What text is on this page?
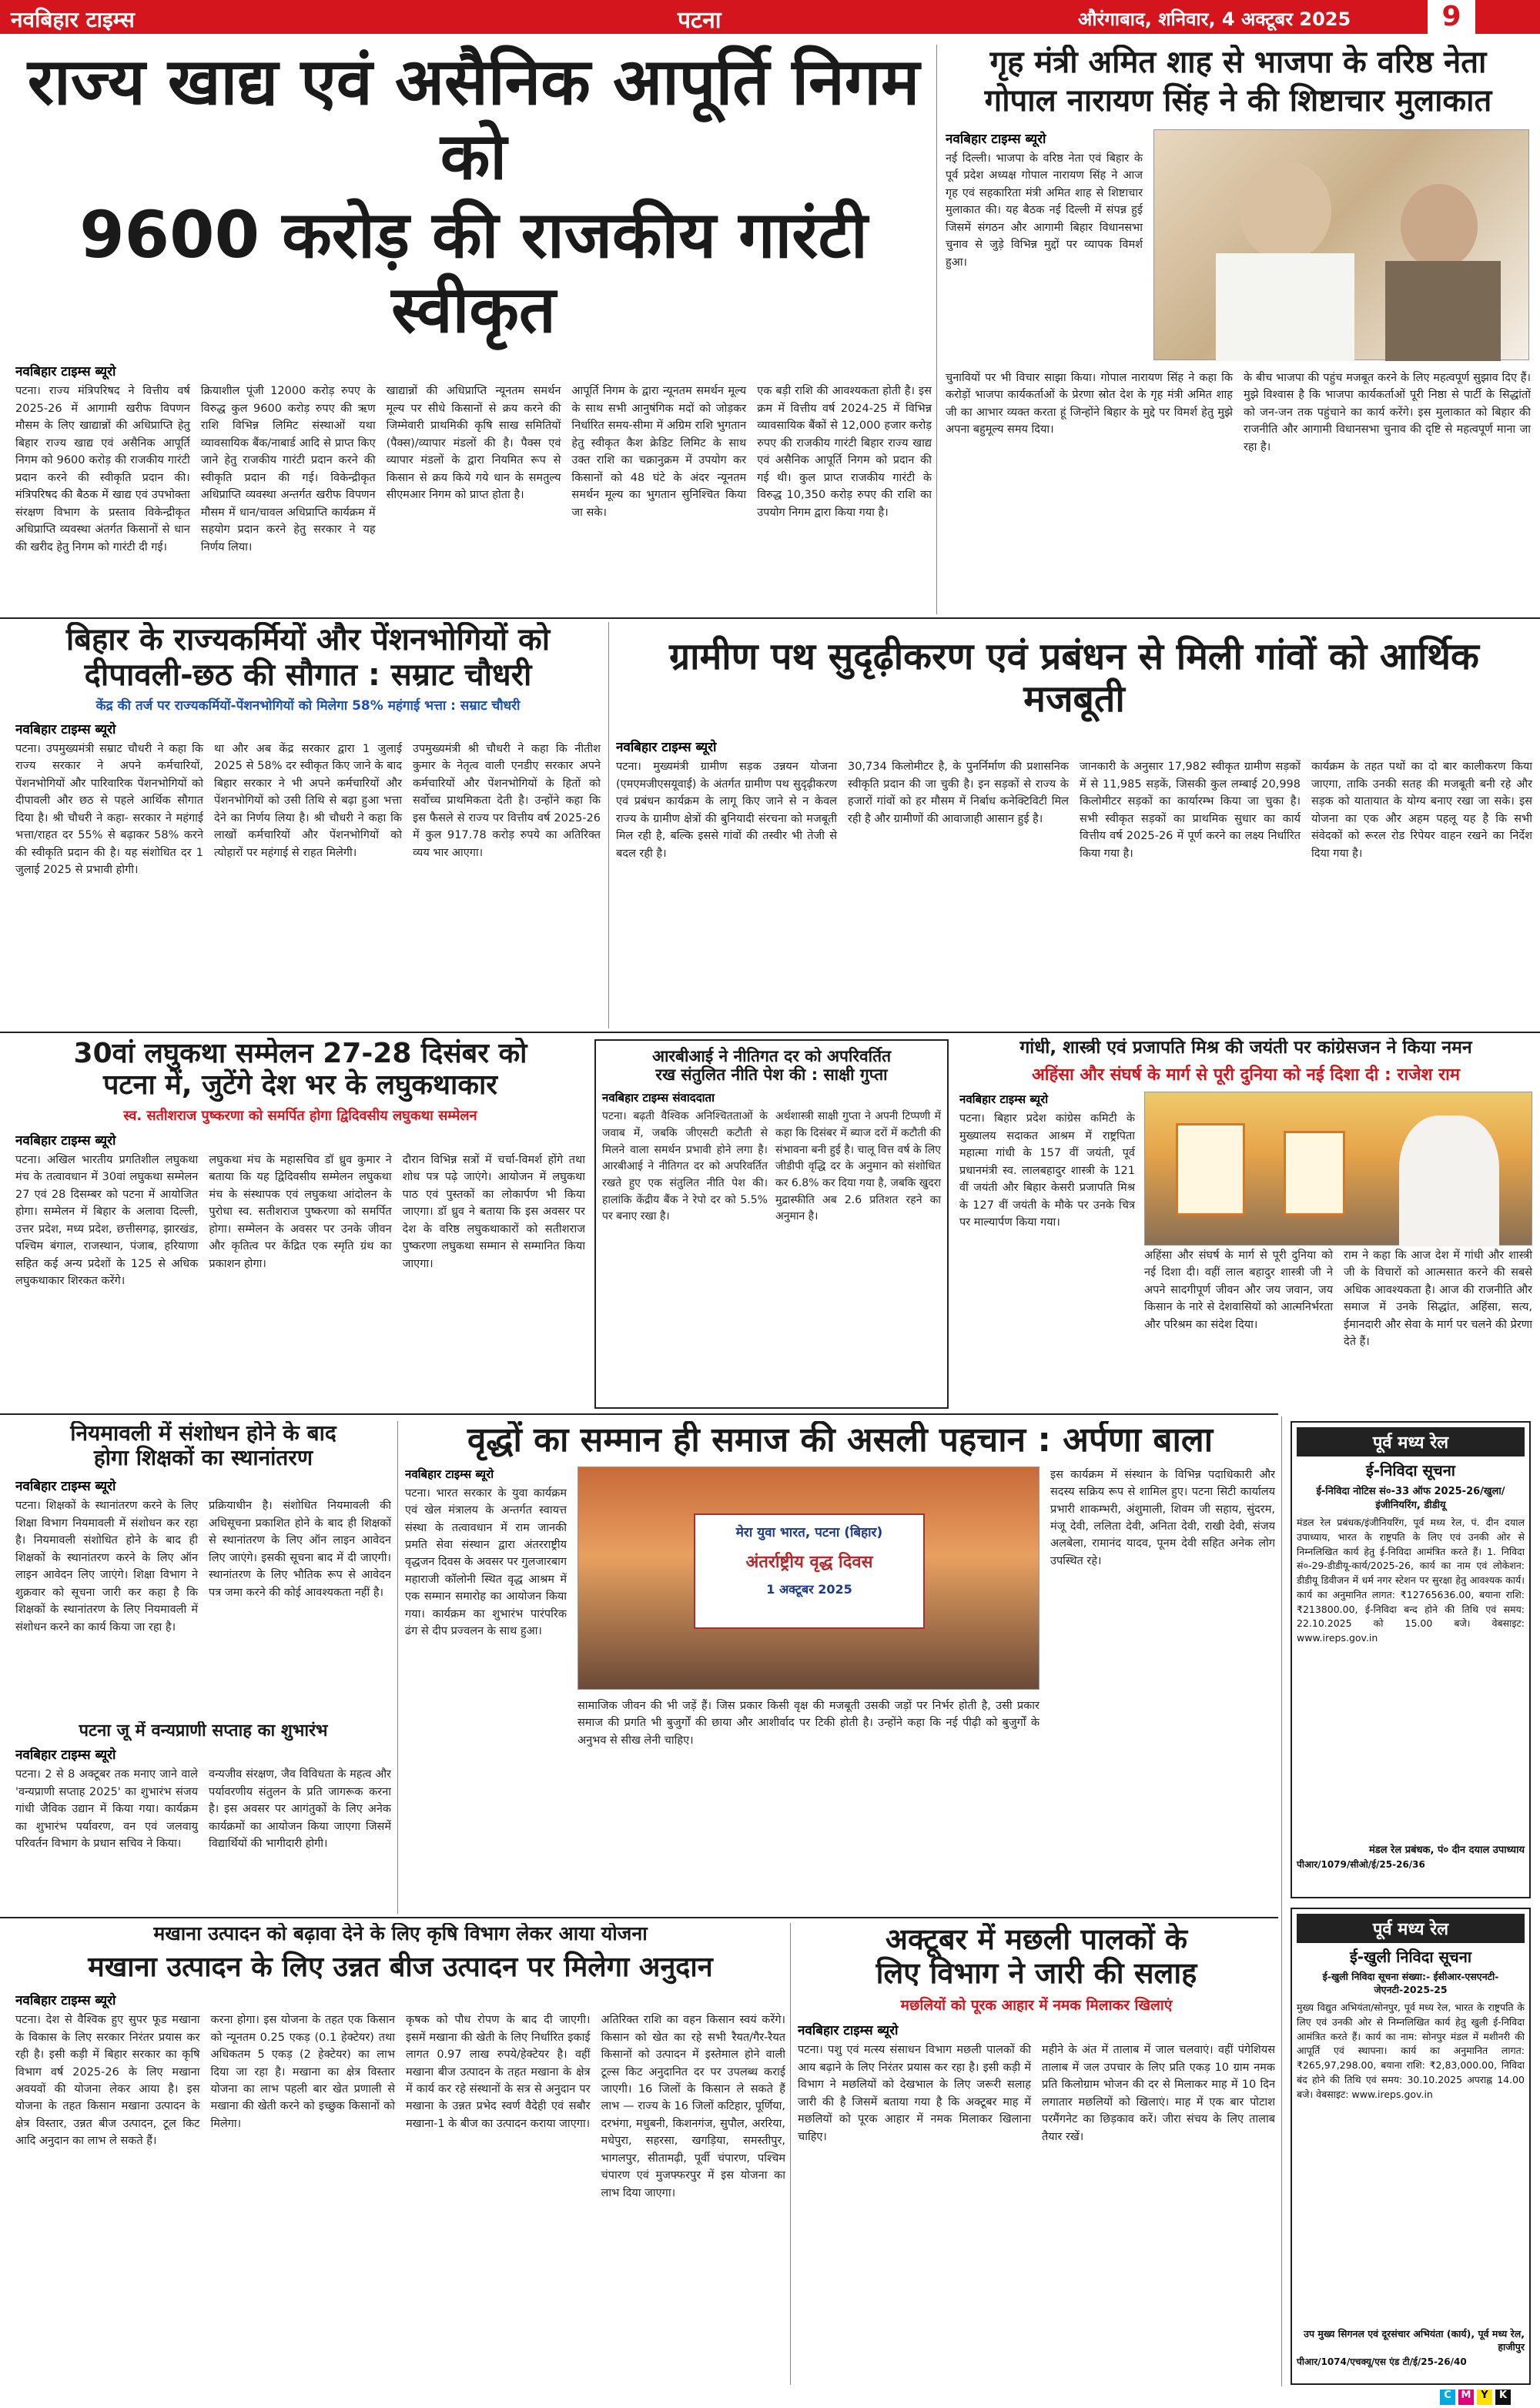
नवबिहार टाइम्स	पटना	औरंगाबाद, शनिवार, 4 अक्टूबर 2025	9
राज्य खाद्य एवं असैनिक आपूर्ति निगम को
9600 करोड़ की राजकीय गारंटी स्वीकृत
नवबिहार टाइम्स ब्यूरो
पटना। राज्य मंत्रिपरिषद ने वित्तीय वर्ष 2025-26 में आगामी खरीफ विपणन मौसम के लिए खाद्यान्नों की अधिप्राप्ति हेतु बिहार राज्य खाद्य एवं असैनिक आपूर्ति निगम को 9600 करोड़ की राजकीय गारंटी प्रदान करने की स्वीकृति प्रदान की। मंत्रिपरिषद की बैठक में खाद्य एवं उपभोक्ता संरक्षण विभाग के प्रस्ताव विकेन्द्रीकृत अधिप्राप्ति व्यवस्था अंतर्गत किसानों से धान की खरीद हेतु निगम को गारंटी दी गई।
क्रियाशील पूंजी 12000 करोड़ रुपए के विरुद्ध कुल 9600 करोड़ रुपए की ऋण राशि विभिन्न लिमिट संस्थाओं यथा व्यावसायिक बैंक/नाबार्ड आदि से प्राप्त किए जाने हेतु राजकीय गारंटी प्रदान करने की स्वीकृति प्रदान की गई। विकेन्द्रीकृत अधिप्राप्ति व्यवस्था अन्तर्गत खरीफ विपणन मौसम में धान/चावल अधिप्राप्ति कार्यक्रम में सहयोग प्रदान करने हेतु सरकार ने यह निर्णय लिया।
खाद्यान्नों की अधिप्राप्ति न्यूनतम समर्थन मूल्य पर सीधे किसानों से क्रय करने की जिम्मेवारी प्राथमिकी कृषि साख समितियों (पैक्स)/व्यापार मंडलों की है। पैक्स एवं व्यापार मंडलों के द्वारा नियमित रूप से किसान से क्रय किये गये धान के समतुल्य सीएमआर निगम को प्राप्त होता है।
आपूर्ति निगम के द्वारा न्यूनतम समर्थन मूल्य के साथ सभी आनुषंगिक मदों को जोड़कर निर्धारित समय-सीमा में अग्रिम राशि भुगतान हेतु स्वीकृत कैश क्रेडिट लिमिट के साथ उक्त राशि का चक्रानुक्रम में उपयोग कर किसानों को 48 घंटे के अंदर न्यूनतम समर्थन मूल्य का भुगतान सुनिश्चित किया जा सके।
एक बड़ी राशि की आवश्यकता होती है। इस क्रम में वित्तीय वर्ष 2024-25 में विभिन्न व्यावसायिक बैंकों से 12,000 हजार करोड़ रुपए की राजकीय गारंटी बिहार राज्य खाद्य एवं असैनिक आपूर्ति निगम को प्रदान की गई थी। कुल प्राप्त राजकीय गारंटी के विरुद्ध 10,350 करोड़ रुपए की राशि का उपयोग निगम द्वारा किया गया है।
गृह मंत्री अमित शाह से भाजपा के वरिष्ठ नेता
गोपाल नारायण सिंह ने की शिष्टाचार मुलाकात
नवबिहार टाइम्स ब्यूरो
नई दिल्ली। भाजपा के वरिष्ठ नेता एवं बिहार के पूर्व प्रदेश अध्यक्ष गोपाल नारायण सिंह ने आज गृह एवं सहकारिता मंत्री अमित शाह से शिष्टाचार मुलाकात की। यह बैठक नई दिल्ली में संपन्न हुई जिसमें संगठन और आगामी बिहार विधानसभा चुनाव से जुड़े विभिन्न मुद्दों पर व्यापक विमर्श हुआ।
चुनावियों पर भी विचार साझा किया। गोपाल नारायण सिंह ने कहा कि करोड़ों भाजपा कार्यकर्ताओं के प्रेरणा स्रोत देश के गृह मंत्री अमित शाह जी का आभार व्यक्त करता हूं जिन्होंने बिहार के मुद्दे पर विमर्श हेतु मुझे अपना बहुमूल्य समय दिया।
के बीच भाजपा की पहुंच मजबूत करने के लिए महत्वपूर्ण सुझाव दिए हैं। मुझे विश्वास है कि भाजपा कार्यकर्ताओं पूरी निष्ठा से पार्टी के सिद्धांतों को जन-जन तक पहुंचाने का कार्य करेंगे। इस मुलाकात को बिहार की राजनीति और आगामी विधानसभा चुनाव की दृष्टि से महत्वपूर्ण माना जा रहा है।
बिहार के राज्यकर्मियों और पेंशनभोगियों को
दीपावली-छठ की सौगात : सम्राट चौधरी
केंद्र की तर्ज पर राज्यकर्मियों-पेंशनभोगियों को मिलेगा 58% महंगाई भत्ता : सम्राट चौधरी
नवबिहार टाइम्स ब्यूरो
पटना। उपमुख्यमंत्री सम्राट चौधरी ने कहा कि राज्य सरकार ने अपने कर्मचारियों, पेंशनभोगियों और पारिवारिक पेंशनभोगियों को दीपावली और छठ से पहले आर्थिक सौगात दिया है। श्री चौधरी ने कहा- सरकार ने महंगाई भत्ता/राहत दर 55% से बढ़ाकर 58% करने की स्वीकृति प्रदान की है। यह संशोधित दर 1 जुलाई 2025 से प्रभावी होगी।
था और अब केंद्र सरकार द्वारा 1 जुलाई 2025 से 58% दर स्वीकृत किए जाने के बाद बिहार सरकार ने भी अपने कर्मचारियों और पेंशनभोगियों को उसी तिथि से बढ़ा हुआ भत्ता देने का निर्णय लिया है। श्री चौधरी ने कहा कि लाखों कर्मचारियों और पेंशनभोगियों को त्योहारों पर महंगाई से राहत मिलेगी।
उपमुख्यमंत्री श्री चौधरी ने कहा कि नीतीश कुमार के नेतृत्व वाली एनडीए सरकार अपने कर्मचारियों और पेंशनभोगियों के हितों को सर्वोच्च प्राथमिकता देती है। उन्होंने कहा कि इस फैसले से राज्य पर वित्तीय वर्ष 2025-26 में कुल 917.78 करोड़ रुपये का अतिरिक्त व्यय भार आएगा।
ग्रामीण पथ सुदृढ़ीकरण एवं प्रबंधन से मिली गांवों को आर्थिक मजबूती
नवबिहार टाइम्स ब्यूरो
पटना। मुख्यमंत्री ग्रामीण सड़क उन्नयन योजना (एमएमजीएसयूवाई) के अंतर्गत ग्रामीण पथ सुदृढ़ीकरण एवं प्रबंधन कार्यक्रम के लागू किए जाने से न केवल राज्य के ग्रामीण क्षेत्रों की बुनियादी संरचना को मजबूती मिल रही है, बल्कि इससे गांवों की तस्वीर भी तेजी से बदल रही है।
30,734 किलोमीटर है, के पुनर्निर्माण की प्रशासनिक स्वीकृति प्रदान की जा चुकी है। इन सड़कों से राज्य के हजारों गांवों को हर मौसम में निर्बाध कनेक्टिविटी मिल रही है और ग्रामीणों की आवाजाही आसान हुई है।
जानकारी के अनुसार 17,982 स्वीकृत ग्रामीण सड़कों में से 11,985 सड़कें, जिसकी कुल लम्बाई 20,998 किलोमीटर सड़कों का कार्यारम्भ किया जा चुका है। सभी स्वीकृत सड़कों का प्राथमिक सुधार का कार्य वित्तीय वर्ष 2025-26 में पूर्ण करने का लक्ष्य निर्धारित किया गया है।
कार्यक्रम के तहत पथों का दो बार कालीकरण किया जाएगा, ताकि उनकी सतह की मजबूती बनी रहे और सड़क को यातायात के योग्य बनाए रखा जा सके। इस योजना का एक और अहम पहलू यह है कि सभी संवेदकों को रूरल रोड रिपेयर वाहन रखने का निर्देश दिया गया है।
30वां लघुकथा सम्मेलन 27-28 दिसंबर को
पटना में, जुटेंगे देश भर के लघुकथाकार
स्व. सतीशराज पुष्करणा को समर्पित होगा द्विदिवसीय लघुकथा सम्मेलन
नवबिहार टाइम्स ब्यूरो
पटना। अखिल भारतीय प्रगतिशील लघुकथा मंच के तत्वावधान में 30वां लघुकथा सम्मेलन 27 एवं 28 दिसम्बर को पटना में आयोजित होगा। सम्मेलन में बिहार के अलावा दिल्ली, उत्तर प्रदेश, मध्य प्रदेश, छत्तीसगढ़, झारखंड, पश्चिम बंगाल, राजस्थान, पंजाब, हरियाणा सहित कई अन्य प्रदेशों के 125 से अधिक लघुकथाकार शिरकत करेंगे।
लघुकथा मंच के महासचिव डॉ ध्रुव कुमार ने बताया कि यह द्विदिवसीय सम्मेलन लघुकथा मंच के संस्थापक एवं लघुकथा आंदोलन के पुरोधा स्व. सतीशराज पुष्करणा को समर्पित होगा। सम्मेलन के अवसर पर उनके जीवन और कृतित्व पर केंद्रित एक स्मृति ग्रंथ का प्रकाशन होगा।
दौरान विभिन्न सत्रों में चर्चा-विमर्श होंगे तथा शोध पत्र पढ़े जाएंगे। आयोजन में लघुकथा पाठ एवं पुस्तकों का लोकार्पण भी किया जाएगा। डॉ ध्रुव ने बताया कि इस अवसर पर देश के वरिष्ठ लघुकथाकारों को सतीशराज पुष्करणा लघुकथा सम्मान से सम्मानित किया जाएगा।
आरबीआई ने नीतिगत दर को अपरिवर्तित
रख संतुलित नीति पेश की : साक्षी गुप्ता
नवबिहार टाइम्स संवाददाता
पटना। बढ़ती वैश्विक अनिश्चितताओं के जवाब में, जबकि जीएसटी कटौती से मिलने वाला समर्थन प्रभावी होने लगा है। आरबीआई ने नीतिगत दर को अपरिवर्तित रखते हुए एक संतुलित नीति पेश की। हालांकि केंद्रीय बैंक ने रेपो दर को 5.5% पर बनाए रखा है।
अर्थशास्त्री साक्षी गुप्ता ने अपनी टिप्पणी में कहा कि दिसंबर में ब्याज दरों में कटौती की संभावना बनी हुई है। चालू वित्त वर्ष के लिए जीडीपी वृद्धि दर के अनुमान को संशोधित कर 6.8% कर दिया गया है, जबकि खुदरा मुद्रास्फीति अब 2.6 प्रतिशत रहने का अनुमान है।
गांधी, शास्त्री एवं प्रजापति मिश्र की जयंती पर कांग्रेसजन ने किया नमन
अहिंसा और संघर्ष के मार्ग से पूरी दुनिया को नई दिशा दी : राजेश राम
नवबिहार टाइम्स ब्यूरो
पटना। बिहार प्रदेश कांग्रेस कमिटी के मुख्यालय सदाकत आश्रम में राष्ट्रपिता महात्मा गांधी के 157 वीं जयंती, पूर्व प्रधानमंत्री स्व. लालबहादुर शास्त्री के 121 वीं जयंती और बिहार केसरी प्रजापति मिश्र के 127 वीं जयंती के मौके पर उनके चित्र पर माल्यार्पण किया गया।
अहिंसा और संघर्ष के मार्ग से पूरी दुनिया को नई दिशा दी। वहीं लाल बहादुर शास्त्री जी ने अपने सादगीपूर्ण जीवन और जय जवान, जय किसान के नारे से देशवासियों को आत्मनिर्भरता और परिश्रम का संदेश दिया।
राम ने कहा कि आज देश में गांधी और शास्त्री जी के विचारों को आत्मसात करने की सबसे अधिक आवश्यकता है। आज की राजनीति और समाज में उनके सिद्धांत, अहिंसा, सत्य, ईमानदारी और सेवा के मार्ग पर चलने की प्रेरणा देते हैं।
नियमावली में संशोधन होने के बाद
होगा शिक्षकों का स्थानांतरण
नवबिहार टाइम्स ब्यूरो
पटना। शिक्षकों के स्थानांतरण करने के लिए शिक्षा विभाग नियमावली में संशोधन कर रहा है। नियमावली संशोधित होने के बाद ही शिक्षकों के स्थानांतरण करने के लिए ऑन लाइन आवेदन लिए जाएंगे। शिक्षा विभाग ने शुक्रवार को सूचना जारी कर कहा है कि शिक्षकों के स्थानांतरण के लिए नियमावली में संशोधन करने का कार्य किया जा रहा है।
प्रक्रियाधीन है। संशोधित नियमावली की अधिसूचना प्रकाशित होने के बाद ही शिक्षकों से स्थानांतरण के लिए ऑन लाइन आवेदन लिए जाएंगे। इसकी सूचना बाद में दी जाएगी। स्थानांतरण के लिए भौतिक रूप से आवेदन पत्र जमा करने की कोई आवश्यकता नहीं है।
पटना जू में वन्यप्राणी सप्ताह का शुभारंभ
नवबिहार टाइम्स ब्यूरो
पटना। 2 से 8 अक्टूबर तक मनाए जाने वाले 'वन्यप्राणी सप्ताह 2025' का शुभारंभ संजय गांधी जैविक उद्यान में किया गया। कार्यक्रम का शुभारंभ पर्यावरण, वन एवं जलवायु परिवर्तन विभाग के प्रधान सचिव ने किया।
वन्यजीव संरक्षण, जैव विविधता के महत्व और पर्यावरणीय संतुलन के प्रति जागरूक करना है। इस अवसर पर आगंतुकों के लिए अनेक कार्यक्रमों का आयोजन किया जाएगा जिसमें विद्यार्थियों की भागीदारी होगी।
वृद्धों का सम्मान ही समाज की असली पहचान : अर्पणा बाला
नवबिहार टाइम्स ब्यूरो
पटना। भारत सरकार के युवा कार्यक्रम एवं खेल मंत्रालय के अन्तर्गत स्वायत्त संस्था के तत्वावधान में राम जानकी प्रमति सेवा संस्थान द्वारा अंतरराष्ट्रीय वृद्धजन दिवस के अवसर पर गुलजारबाग महाराजी कॉलोनी स्थित वृद्ध आश्रम में एक सम्मान समारोह का आयोजन किया गया। कार्यक्रम का शुभारंभ पारंपरिक ढंग से दीप प्रज्वलन के साथ हुआ।
मेरा युवा भारत, पटना (बिहार)
अंतर्राष्ट्रीय वृद्ध दिवस
1 अक्टूबर 2025
सामाजिक जीवन की भी जड़ें हैं। जिस प्रकार किसी वृक्ष की मजबूती उसकी जड़ों पर निर्भर होती है, उसी प्रकार समाज की प्रगति भी बुजुर्गों की छाया और आशीर्वाद पर टिकी होती है। उन्होंने कहा कि नई पीढ़ी को बुजुर्गों के अनुभव से सीख लेनी चाहिए।
इस कार्यक्रम में संस्थान के विभिन्न पदाधिकारी और सदस्य सक्रिय रूप से शामिल हुए। पटना सिटी कार्यालय प्रभारी शाकम्भरी, अंशुमाली, शिवम जी सहाय, सुंदरम, मंजू देवी, ललिता देवी, अनिता देवी, राखी देवी, संजय अलबेला, रामानंद यादव, पूनम देवी सहित अनेक लोग उपस्थित रहे।
पूर्व मध्य रेल
ई-निविदा सूचना
ई-निविदा नोटिस सं०-33 ऑफ 2025-26/खुला/इंजीनियरिंग, डीडीयू
मंडल रेल प्रबंधक/इंजीनियरिंग, पूर्व मध्य रेल, पं. दीन दयाल उपाध्याय, भारत के राष्ट्रपति के लिए एवं उनकी ओर से निम्नलिखित कार्य हेतु ई-निविदा आमंत्रित करते हैं। 1. निविदा सं०-29-डीडीयू-कार्य/2025-26, कार्य का नाम एवं लोकेशन: डीडीयू डिवीजन में धर्म नगर स्टेशन पर सुरक्षा हेतु आवश्यक कार्य। कार्य का अनुमानित लागत: ₹12765636.00, बयाना राशि: ₹213800.00, ई-निविदा बन्द होने की तिथि एवं समय: 22.10.2025 को 15.00 बजे। वेबसाइट: www.ireps.gov.in
मंडल रेल प्रबंधक, पं० दीन दयाल उपाध्याय
पीआर/1079/सीओ/ई/25-26/36
मखाना उत्पादन को बढ़ावा देने के लिए कृषि विभाग लेकर आया योजना
मखाना उत्पादन के लिए उन्नत बीज उत्पादन पर मिलेगा अनुदान
नवबिहार टाइम्स ब्यूरो
पटना। देश से वैश्विक हुए सुपर फूड मखाना के विकास के लिए सरकार निरंतर प्रयास कर रही है। इसी कड़ी में बिहार सरकार का कृषि विभाग वर्ष 2025-26 के लिए मखाना अवयवों की योजना लेकर आया है। इस योजना के तहत किसान मखाना उत्पादन के क्षेत्र विस्तार, उन्नत बीज उत्पादन, टूल किट आदि अनुदान का लाभ ले सकते हैं।
करना होगा। इस योजना के तहत एक किसान को न्यूनतम 0.25 एकड़ (0.1 हेक्टेयर) तथा अधिकतम 5 एकड़ (2 हेक्टेयर) का लाभ दिया जा रहा है। मखाना का क्षेत्र विस्तार योजना का लाभ पहली बार खेत प्रणाली से मखाना की खेती करने को इच्छुक किसानों को मिलेगा।
कृषक को पौध रोपण के बाद दी जाएगी। इसमें मखाना की खेती के लिए निर्धारित इकाई लागत 0.97 लाख रुपये/हेक्टेयर है। वहीं मखाना बीज उत्पादन के तहत मखाना के क्षेत्र में कार्य कर रहे संस्थानों के सत्र से अनुदान पर मखाना के उन्नत प्रभेद स्वर्ण वैदेही एवं सबौर मखाना-1 के बीज का उत्पादन कराया जाएगा।
अतिरिक्त राशि का वहन किसान स्वयं करेंगे। किसान को खेत का रहे सभी रैयत/गैर-रैयत किसानों को उत्पादन में इस्तेमाल होने वाली टूल्स किट अनुदानित दर पर उपलब्ध कराई जाएगी। 16 जिलों के किसान ले सकते हैं लाभ — राज्य के 16 जिलों कटिहार, पूर्णिया, दरभंगा, मधुबनी, किशनगंज, सुपौल, अररिया, मधेपुरा, सहरसा, खगड़िया, समस्तीपुर, भागलपुर, सीतामढ़ी, पूर्वी चंपारण, पश्चिम चंपारण एवं मुजफ्फरपुर में इस योजना का लाभ दिया जाएगा।
अक्टूबर में मछली पालकों के
लिए विभाग ने जारी की सलाह
मछलियों को पूरक आहार में नमक मिलाकर खिलाएं
नवबिहार टाइम्स ब्यूरो
पटना। पशु एवं मत्स्य संसाधन विभाग मछली पालकों की आय बढ़ाने के लिए निरंतर प्रयास कर रहा है। इसी कड़ी में विभाग ने मछलियों को देखभाल के लिए जरूरी सलाह जारी की है जिसमें बताया गया है कि अक्टूबर माह में मछलियों को पूरक आहार में नमक मिलाकर खिलाना चाहिए।
महीने के अंत में तालाब में जाल चलवाएं। वहीं पंगेशियस तालाब में जल उपचार के लिए प्रति एकड़ 10 ग्राम नमक प्रति किलोग्राम भोजन की दर से मिलाकर माह में 10 दिन लगातार मछलियों को खिलाएं। माह में एक बार पोटाश परमैंगनेट का छिड़काव करें। जीरा संचय के लिए तालाब तैयार रखें।
पूर्व मध्य रेल
ई-खुली निविदा सूचना
ई-खुली निविदा सूचना संख्या:- ईसीआर-एसएनटी-जेएनटी-2025-25
मुख्य विद्युत अभियंता/सोनपुर, पूर्व मध्य रेल, भारत के राष्ट्रपति के लिए एवं उनकी ओर से निम्नलिखित कार्य हेतु खुली ई-निविदा आमंत्रित करते हैं। कार्य का नाम: सोनपुर मंडल में मशीनरी की आपूर्ति एवं स्थापना। कार्य का अनुमानित लागत: ₹265,97,298.00, बयाना राशि: ₹2,83,000.00, निविदा बंद होने की तिथि एवं समय: 30.10.2025 अपराह्न 14.00 बजे। वेबसाइट: www.ireps.gov.in
उप मुख्य सिगनल एवं दूरसंचार अभियंता (कार्य), पूर्व मध्य रेल, हाजीपुर
पीआर/1074/एचक्यू/एस एंड टी/ई/25-26/40
C M Y	K
